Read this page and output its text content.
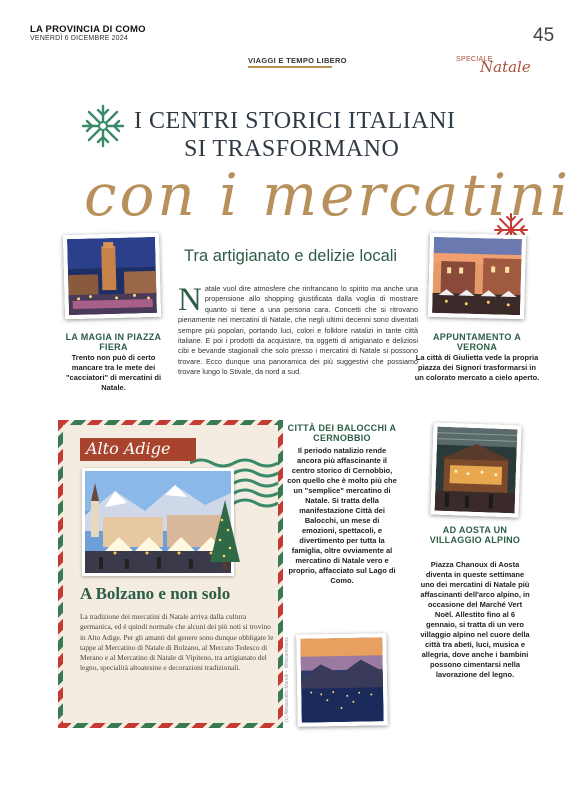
LA PROVINCIA DI COMO
VENERDÌ 6 DICEMBRE 2024	45
VIAGGI E TEMPO LIBERO	SPECIALE
Natale
I CENTRI STORICI ITALIANI
SI TRASFORMANO
con i mercatini
Tra artigianato e delizie locali
N atale vuol dire atmosfere che rinfrancano lo spirito ma anche una propensione allo shopping giustificata dalla voglia di mostrare quanto si tiene a una persona cara. Concetti che si ritrovano pienamente nei mercatini di Natale, che negli ultimi decenni sono diventati sempre più popolari, portando luci, colori e folklore natalizi in tante città italiane. E poi i prodotti da acquistare, tra oggetti di artigianato e deliziosi cibi e bevande stagionali che solo presso i mercatini di Natale si possono trovare. Ecco dunque una panoramica dei più suggestivi che possiamo trovare lungo lo Stivale, da nord a sud.
LA MAGIA IN PIAZZA FIERA
Trento non può di certo mancare tra le mete dei "cacciatori" di mercatini di Natale.
APPUNTAMENTO A VERONA
La città di Giulietta vede la propria piazza dei Signori trasformarsi in un colorato mercato a cielo aperto.
Alto Adige
A Bolzano e non solo
La tradizione dei mercatini di Natale arriva dalla cultura germanica, ed è quindi normale che alcuni dei più noti si trovino in Alto Adige. Per gli amanti del genere sono dunque obbligate le tappe al Mercatino di Natale di Bolzano, al Mercato Tedesco di Merano e al Mercatino di Natale di Vipiteno, tra artigianato del legno, specialità altoatesine e decorazioni tradizionali.
CITTÀ DEI BALOCCHI A CERNOBBIO
Il periodo natalizio rende ancora più affascinante il centro storico di Cernobbio, con quello che è molto più che un "semplice" mercatino di Natale. Si tratta della manifestazione Città dei Balocchi, un mese di emozioni, spettacoli, e divertimento per tutta la famiglia, oltre ovviamente al mercatino di Natale vero e proprio, affacciato sul Lago di Como.
(c) Alessandro Marelli – Wikicommons
AD AOSTA UN VILLAGGIO ALPINO
Piazza Chanoux di Aosta diventa in queste settimane uno dei mercatini di Natale più affascinanti dell'arco alpino, in occasione del Marché Vert Noël. Allestito fino al 6 gennaio, si tratta di un vero villaggio alpino nel cuore della città tra abeti, luci, musica e allegria, dove anche i bambini possono cimentarsi nella lavorazione del legno.
